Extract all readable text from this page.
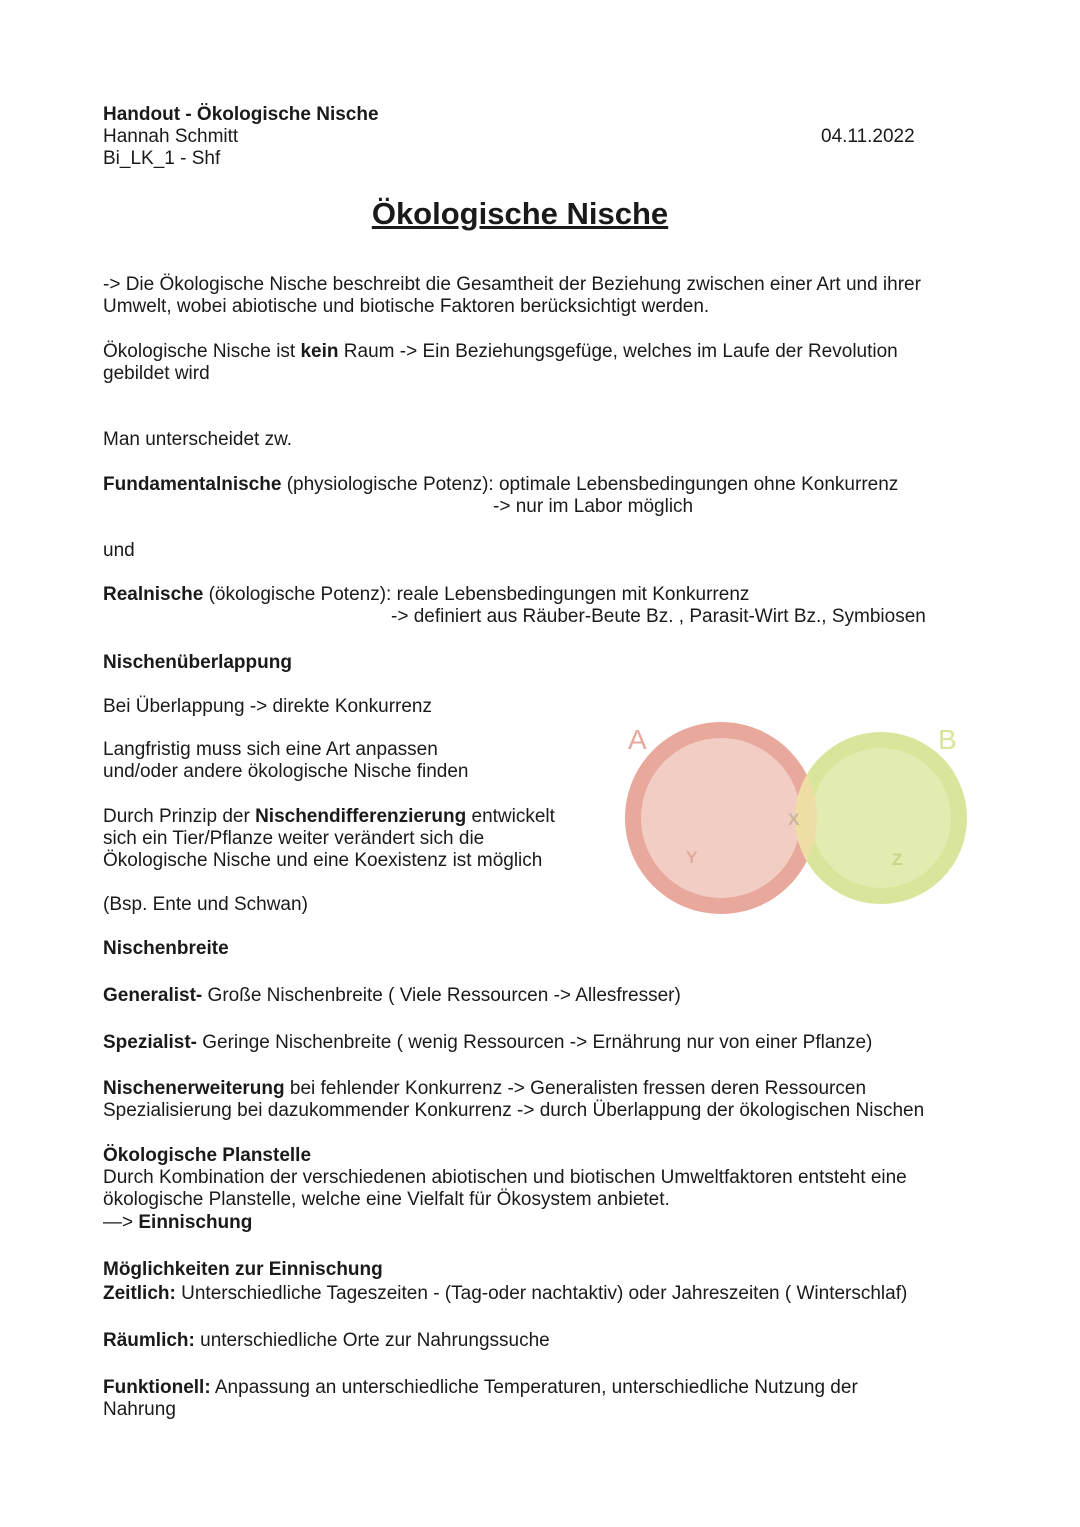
Handout - Ökologische Nische
Hannah Schmitt
Bi_LK_1 - Shf
04.11.2022
Ökologische Nische

-> Die Ökologische Nische beschreibt die Gesamtheit der Beziehung zwischen einer Art und ihrer Umwelt, wobei abiotische und biotische Faktoren berücksichtigt werden.

Ökologische Nische ist kein Raum -> Ein Beziehungsgefüge, welches im Laufe der Revolution gebildet wird

Man unterscheidet zw.

Fundamentalnische (physiologische Potenz): optimale Lebensbedingungen ohne Konkurrenz

-> nur im Labor möglich

und

Realnische (ökologische Potenz): reale Lebensbedingungen mit Konkurrenz

-> definiert aus Räuber-Beute Bz. , Parasit-Wirt Bz., Symbiosen

Nischenüberlappung

Bei Überlappung -> direkte Konkurrenz

Langfristig muss sich eine Art anpassen und/oder andere ökologische Nische finden

Durch Prinzip der Nischendifferenzierung entwickelt sich ein Tier/Pflanze weiter verändert sich die Ökologische Nische und eine Koexistenz ist möglich

(Bsp. Ente und Schwan)

A	B
X
Y	Z

Nischenbreite

Generalist- Große Nischenbreite ( Viele Ressourcen -> Allesfresser)

Spezialist- Geringe Nischenbreite ( wenig Ressourcen -> Ernährung nur von einer Pflanze)

Nischenerweiterung bei fehlender Konkurrenz -> Generalisten fressen deren Ressourcen

Spezialisierung bei dazukommender Konkurrenz -> durch Überlappung der ökologischen Nischen

Ökologische Planstelle

Durch Kombination der verschiedenen abiotischen und biotischen Umweltfaktoren entsteht eine ökologische Planstelle, welche eine Vielfalt für Ökosystem anbietet.

—> Einnischung

Möglichkeiten zur Einnischung

Zeitlich: Unterschiedliche Tageszeiten - (Tag-oder nachtaktiv) oder Jahreszeiten ( Winterschlaf)

Räumlich: unterschiedliche Orte zur Nahrungssuche

Funktionell: Anpassung an unterschiedliche Temperaturen, unterschiedliche Nutzung der Nahrung
